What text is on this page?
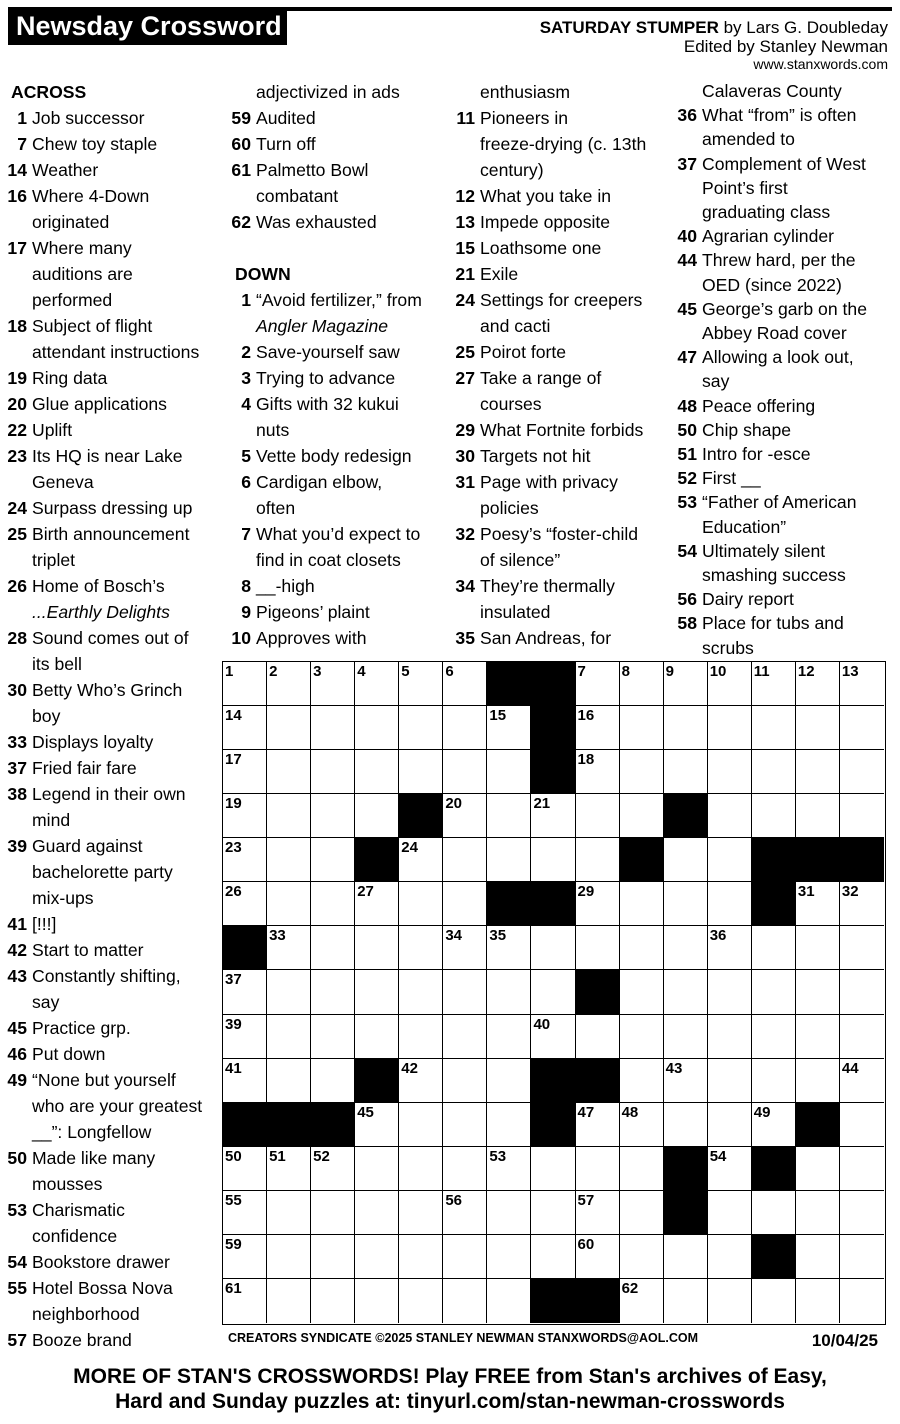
Newsday Crossword	SATURDAY STUMPER by Lars G. Doubleday
Edited by Stanley Newman
www.stanxwords.com
ACROSS
1 Job successor
7 Chew toy staple
14 Weather
16 Where 4-Down
originated
17 Where many
auditions are
performed
18 Subject of flight
attendant instructions
19 Ring data
20 Glue applications
22 Uplift
23 Its HQ is near Lake
Geneva
24 Surpass dressing up
25 Birth announcement
triplet
26 Home of Bosch’s
...Earthly Delights
28 Sound comes out of
its bell
30 Betty Who’s Grinch
boy
33 Displays loyalty
37 Fried fair fare
38 Legend in their own
mind
39 Guard against
bachelorette party
mix-ups
41 [!!!]
42 Start to matter
43 Constantly shifting,
say
45 Practice grp.
46 Put down
49 “None but yourself
who are your greatest
__”: Longfellow
50 Made like many
mousses
53 Charismatic
confidence
54 Bookstore drawer
55 Hotel Bossa Nova
neighborhood
57 Booze brand
adjectivized in ads
59 Audited
60 Turn off
61 Palmetto Bowl
combatant
62 Was exhausted
DOWN
1 “Avoid fertilizer,” from
Angler Magazine
2 Save-yourself saw
3 Trying to advance
4 Gifts with 32 kukui
nuts
5 Vette body redesign
6 Cardigan elbow,
often
7 What you’d expect to
find in coat closets
8 __-high
9 Pigeons’ plaint
10 Approves with
enthusiasm
11 Pioneers in
freeze-drying (c. 13th
century)
12 What you take in
13 Impede opposite
15 Loathsome one
21 Exile
24 Settings for creepers
and cacti
25 Poirot forte
27 Take a range of
courses
29 What Fortnite forbids
30 Targets not hit
31 Page with privacy
policies
32 Poesy’s “foster-child
of silence”
34 They’re thermally
insulated
35 San Andreas, for
Calaveras County
36 What “from” is often
amended to
37 Complement of West
Point’s first
graduating class
40 Agrarian cylinder
44 Threw hard, per the
OED (since 2022)
45 George’s garb on the
Abbey Road cover
47 Allowing a look out,
say
48 Peace offering
50 Chip shape
51 Intro for -esce
52 First __
53 “Father of American
Education”
54 Ultimately silent
smashing success
56 Dairy report
58 Place for tubs and
scrubs
1 2 3 4 5 6	7 8 9 10 11 12 13
14	15	16
17	18
19	20	21
23	24
26	27	29	31 32
33	34 35	36
37
39	40
41	42	43	44
45	47 48	49
50 51 52	53	54
55	56	57
59	60
61	62
CREATORS SYNDICATE ©2025 STANLEY NEWMAN STANXWORDS@AOL.COM	10/04/25
MORE OF STAN'S CROSSWORDS! Play FREE from Stan's archives of Easy,
Hard and Sunday puzzles at: tinyurl.com/stan-newman-crosswords
